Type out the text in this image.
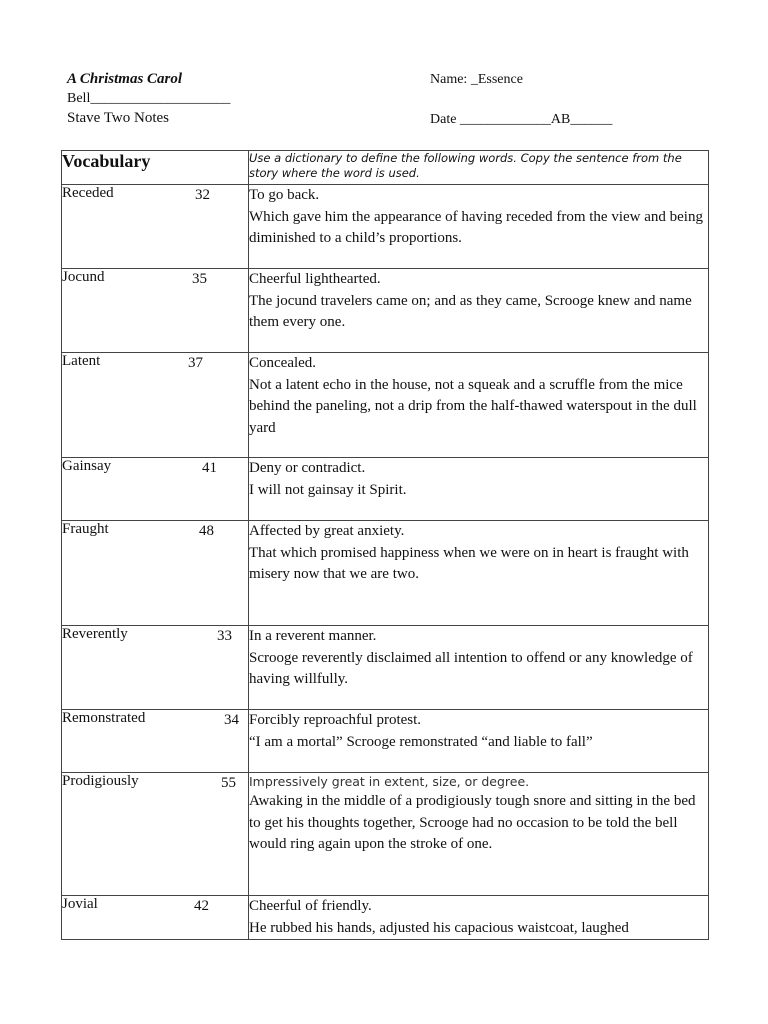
A Christmas Carol
Bell____________________
Stave Two Notes
Name: _Essence
Date _____________AB______
Vocabulary	Use a dictionary to define the following words. Copy the sentence from the story where the word is used.
Receded 32	To go back.
Which gave him the appearance of having receded from the view and being diminished to a child’s proportions.

Jocund 35	Cheerful lighthearted.
The jocund travelers came on; and as they came, Scrooge knew and name them every one.

Latent 37	Concealed.
Not a latent echo in the house, not a squeak and a scruffle from the mice behind the paneling, not a drip from the half-thawed waterspout in the dull yard

Gainsay 41	Deny or contradict.
I will not gainsay it Spirit.

Fraught 48	Affected by great anxiety.
That which promised happiness when we were on in heart is fraught with misery now that we are two.

Reverently 33	In a reverent manner.
Scrooge reverently disclaimed all intention to offend or any knowledge of having willfully.

Remonstrated 34	Forcibly reproachful protest.
“I am a mortal” Scrooge remonstrated “and liable to fall”

Prodigiously 55	Impressively great in extent, size, or degree.
Awaking in the middle of a prodigiously tough snore and sitting in the bed to get his thoughts together, Scrooge had no occasion to be told the bell would ring again upon the stroke of one.

Jovial 42	Cheerful of friendly.
He rubbed his hands, adjusted his capacious waistcoat, laughed
